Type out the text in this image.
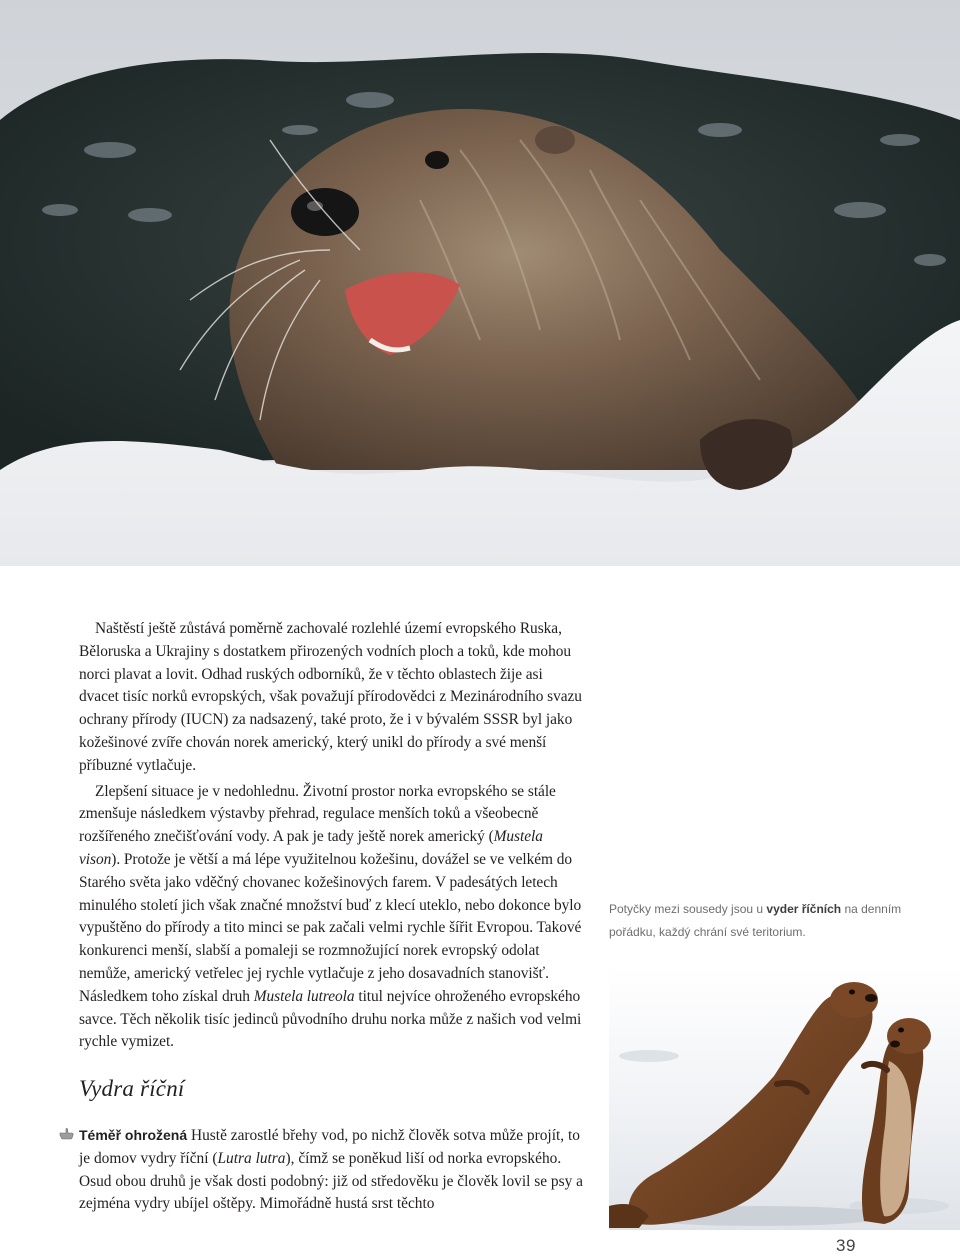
Naštěstí ještě zůstává poměrně zachovalé rozlehlé území evropského Ruska, Běloruska a Ukrajiny s dostatkem přirozených vodních ploch a toků, kde mohou norci plavat a lovit. Odhad ruských odborníků, že v těchto oblastech žije asi dvacet tisíc norků evropských, však považují přírodovědci z Mezinárodního svazu ochrany přírody (IUCN) za nadsazený, také proto, že i v bývalém SSSR byl jako kožešinové zvíře chován norek americký, který unikl do přírody a své menší příbuzné vytlačuje.

Zlepšení situace je v nedohlednu. Životní prostor norka evropského se stále zmenšuje následkem výstavby přehrad, regulace menších toků a všeobecně rozšířeného znečišťování vody. A pak je tady ještě norek americký (Mustela vison). Protože je větší a má lépe využitelnou kožešinu, dovážel se ve velkém do Starého světa jako vděčný chovanec kožešinových farem. V padesátých letech minulého století jich však značné množství buď z klecí uteklo, nebo dokonce bylo vypuštěno do přírody a tito minci se pak začali velmi rychle šířit Evropou. Takové konkurenci menší, slabší a pomaleji se rozmnožující norek evropský odolat nemůže, americký vetřelec jej rychle vytlačuje z jeho dosavadních stanovišť. Následkem toho získal druh Mustela lutreola titul nejvíce ohroženého evropského savce. Těch několik tisíc jedinců původního druhu norka může z našich vod velmi rychle vymizet.

Vydra říční

Téměř ohrožená Hustě zarostlé břehy vod, po nichž člověk sotva může projít, to je domov vydry říční (Lutra lutra), čímž se poněkud liší od norka evropského. Osud obou druhů je však dosti podobný: již od středověku je člověk lovil se psy a zejména vydry ubíjel oštěpy. Mimořádně hustá srst těchto

Potyčky mezi sousedy jsou u vyder říčních na denním pořádku, každý chrání své teritorium.

39
